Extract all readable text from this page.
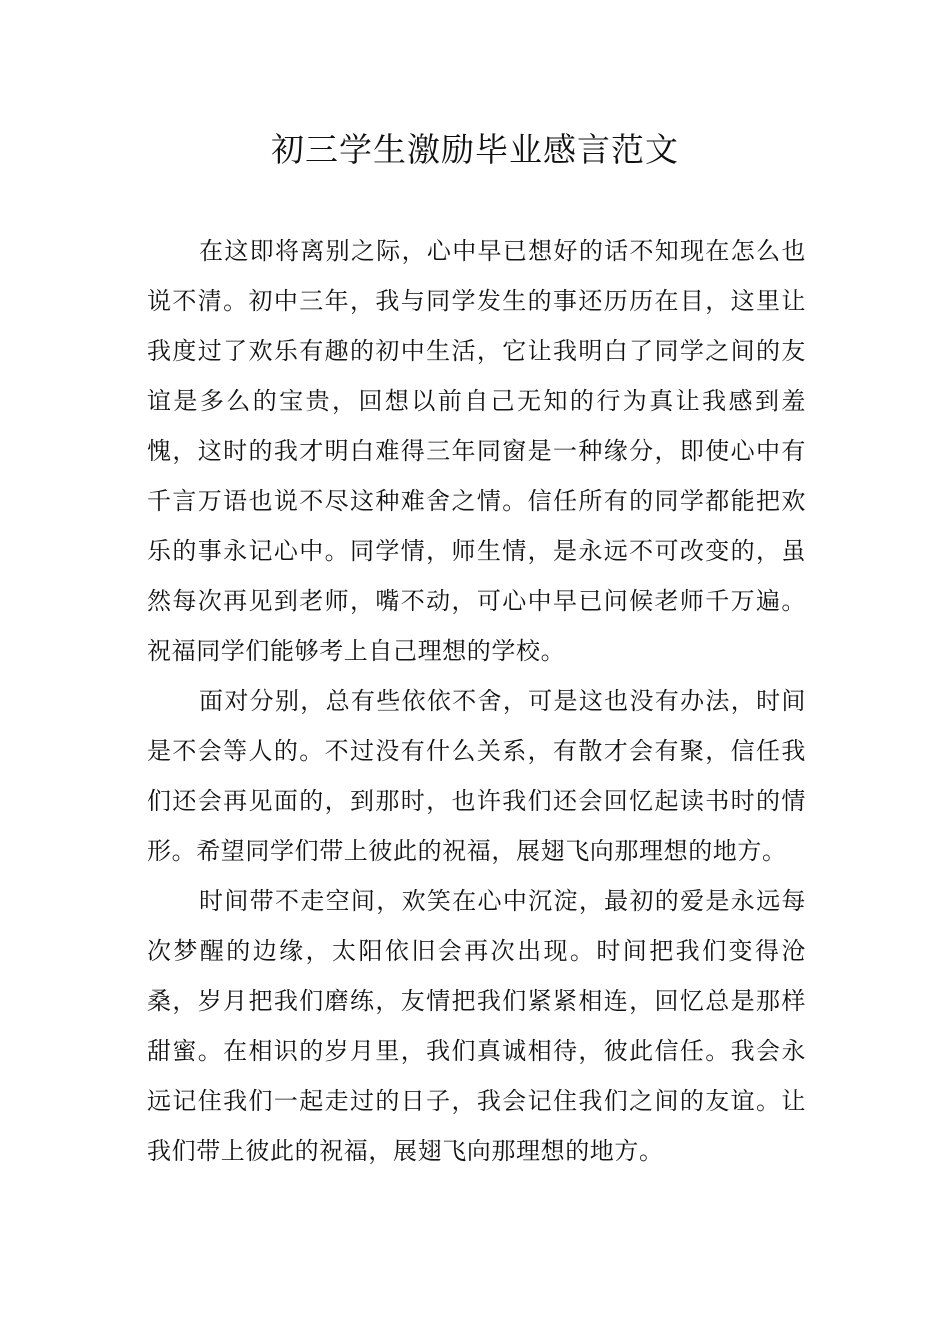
初三学生激励毕业感言范文

在这即将离别之际，心中早已想好的话不知现在怎么也说不清。初中三年，我与同学发生的事还历历在目，这里让我度过了欢乐有趣的初中生活，它让我明白了同学之间的友谊是多么的宝贵，回想以前自己无知的行为真让我感到羞愧，这时的我才明白难得三年同窗是一种缘分，即使心中有千言万语也说不尽这种难舍之情。信任所有的同学都能把欢乐的事永记心中。同学情，师生情，是永远不可改变的，虽然每次再见到老师，嘴不动，可心中早已问候老师千万遍。祝福同学们能够考上自己理想的学校。

面对分别，总有些依依不舍，可是这也没有办法，时间是不会等人的。不过没有什么关系，有散才会有聚，信任我们还会再见面的，到那时，也许我们还会回忆起读书时的情形。希望同学们带上彼此的祝福，展翅飞向那理想的地方。

时间带不走空间，欢笑在心中沉淀，最初的爱是永远每次梦醒的边缘，太阳依旧会再次出现。时间把我们变得沧桑，岁月把我们磨练，友情把我们紧紧相连，回忆总是那样甜蜜。在相识的岁月里，我们真诚相待，彼此信任。我会永远记住我们一起走过的日子，我会记住我们之间的友谊。让我们带上彼此的祝福，展翅飞向那理想的地方。
